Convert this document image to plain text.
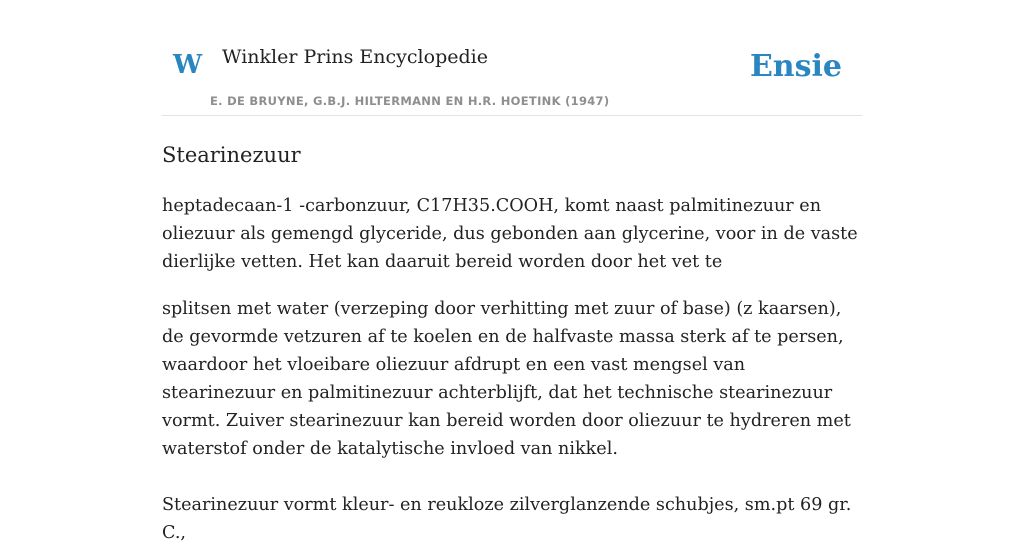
W Winkler Prins Encyclopedie
E. DE BRUYNE, G.B.J. HILTERMANN EN H.R. HOETINK (1947)
Ensie
Stearinezuur

heptadecaan-1 -carbonzuur, C17H35.COOH, komt naast palmitinezuur en oliezuur als gemengd glyceride, dus gebonden aan glycerine, voor in de vaste dierlijke vetten. Het kan daaruit bereid worden door het vet te

splitsen met water (verzeping door verhitting met zuur of base) (z kaarsen), de gevormde vetzuren af te koelen en de halfvaste massa sterk af te persen, waardoor het vloeibare oliezuur afdrupt en een vast mengsel van stearinezuur en palmitinezuur achterblijft, dat het technische stearinezuur vormt. Zuiver stearinezuur kan bereid worden door oliezuur te hydreren met waterstof onder de katalytische invloed van nikkel.

Stearinezuur vormt kleur- en reukloze zilverglanzende schubjes, sm.pt 69 gr. C.,
